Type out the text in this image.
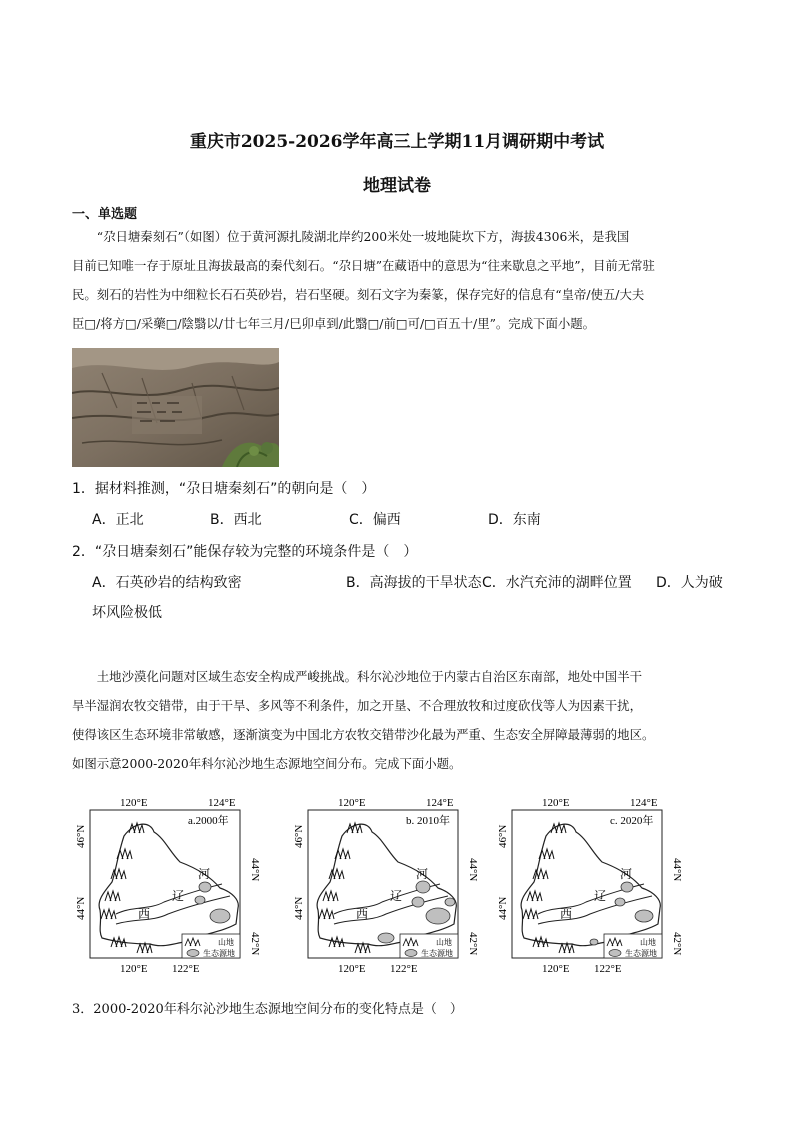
重庆市2025-2026学年高三上学期11月调研期中考试
地理试卷
一、单选题
“尕日塘秦刻石”（如图）位于黄河源扎陵湖北岸约200米处一坡地陡坎下方，海拔4306米，是我国
目前已知唯一存于原址且海拔最高的秦代刻石。“尕日塘”在藏语中的意思为“往来歇息之平地”，目前无常驻
民。刻石的岩性为中细粒长石石英砂岩，岩石坚硬。刻石文字为秦篆，保存完好的信息有“皇帝/使五/大夫
臣□/将方□/采藥□/陰翳以/廿七年三月/巳卯卓到/此翳□/前□可/□百五十/里”。完成下面小题。
1．据材料推测，“尕日塘秦刻石”的朝向是（　）
A．正北	B．西北	C．偏西	D．东南
2．“尕日塘秦刻石”能保存较为完整的环境条件是（　）
A．石英砂岩的结构致密	B．高海拔的干旱状态 C．水汽充沛的湖畔位置 D．人为破
坏风险极低
土地沙漠化问题对区域生态安全构成严峻挑战。科尔沁沙地位于内蒙古自治区东南部，地处中国半干
旱半湿润农牧交错带，由于干旱、多风等不利条件，加之开垦、不合理放牧和过度砍伐等人为因素干扰，
使得该区生态环境非常敏感，逐渐演变为中国北方农牧交错带沙化最为严重、生态安全屏障最薄弱的地区。
如图示意2000-2020年科尔沁沙地生态源地空间分布。完成下面小题。
a.2000年
120°E	124°E
120°E 122°E
46°N
44°N
44°N
42°N
西
辽
河
山地
生态源地
b. 2010年
120°E	124°E
120°E 122°E
46°N
44°N
44°N
42°N
西
辽
河
山地
生态源地
c. 2020年
120°E	124°E
120°E 122°E
46°N
44°N
44°N
42°N
西
辽
河
山地
生态源地
3．2000-2020年科尔沁沙地生态源地空间分布的变化特点是（　）
